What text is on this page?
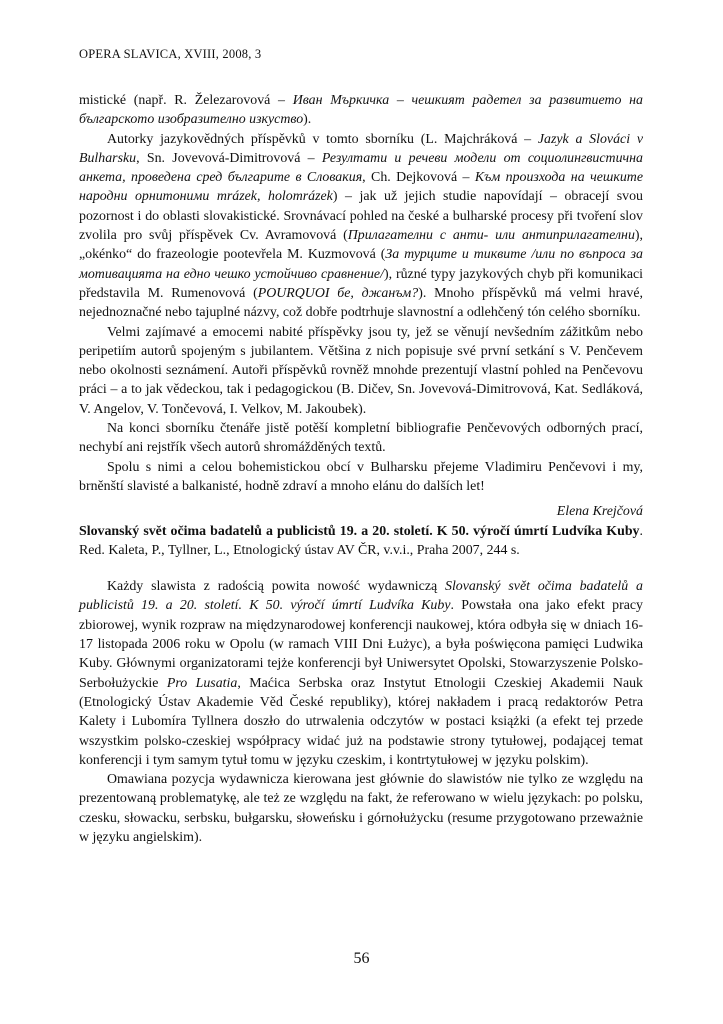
OPERA SLAVICA, XVIII, 2008, 3

mistické (např. R. Železarovová – Иван Мъркичка – чешкият радетел за развитието на българското изобразително изкуство).

Autorky jazykovědných příspěvků v tomto sborníku (L. Majchráková – Jazyk a Slováci v Bulharsku, Sn. Jovevová-Dimitrovová – Резултати и речеви модели от социолингвистична анкета, проведена сред българите в Словакия, Ch. Dejkovová – Към произхода на чешките народни орнитоними mrázek, holomrázek) – jak už jejich studie napovídají – obracejí svou pozornost i do oblasti slovakistické. Srovnávací pohled na české a bulharské procesy při tvoření slov zvolila pro svůj příspěvek Cv. Avramovová (Прилагателни с анти- или антиприлагателни), „okénko“ do frazeologie pootevřela M. Kuzmovová (За турците и тиквите /или по въпроса за мотивацията на едно чешко устойчиво сравнение/), různé typy jazykových chyb při komunikaci představila M. Rumenovová (POURQUOI бе, джанъм?). Mnoho příspěvků má velmi hravé, nejednoznačné nebo tajuplné názvy, což dobře podtrhuje slavnostní a odlehčený tón celého sborníku.

Velmi zajímavé a emocemi nabité příspěvky jsou ty, jež se věnují nevšedním zážitkům nebo peripetiím autorů spojeným s jubilantem. Většina z nich popisuje své první setkání s V. Penčevem nebo okolnosti seznámení. Autoři příspěvků rovněž mnohde prezentují vlastní pohled na Penčevovu práci – a to jak vědeckou, tak i pedagogickou (B. Dičev, Sn. Jovevová-Dimitrovová, Kat. Sedláková, V. Angelov, V. Tončevová, I. Velkov, M. Jakoubek).

Na konci sborníku čtenáře jistě potěší kompletní bibliografie Penčevových odborných prací, nechybí ani rejstřík všech autorů shromážděných textů.

Spolu s nimi a celou bohemistickou obcí v Bulharsku přejeme Vladimiru Penčevovi i my, brněnští slavisté a balkanisté, hodně zdraví a mnoho elánu do dalších let!

Elena Krejčová

Slovanský svět očima badatelů a publicistů 19. a 20. století. K 50. výročí úmrtí Ludvíka Kuby. Red. Kaleta, P., Tyllner, L., Etnologický ústav AV ČR, v.v.i., Praha 2007, 244 s.

Każdy slawista z radością powita nowość wydawniczą Slovanský svět očima badatelů a publicistů 19. a 20. století. K 50. výročí úmrtí Ludvíka Kuby. Powstała ona jako efekt pracy zbiorowej, wynik rozpraw na międzynarodowej konferencji naukowej, która odbyła się w dniach 16-17 listopada 2006 roku w Opolu (w ramach VIII Dni Łużyc), a była poświęcona pamięci Ludwika Kuby. Głównymi organizatorami tejże konferencji był Uniwersytet Opolski, Stowarzyszenie Polsko-Serbołużyckie Pro Lusatia, Maćica Serbska oraz Instytut Etnologii Czeskiej Akademii Nauk (Etnologický Ústav Akademie Věd České republiky), której nakładem i pracą redaktorów Petra Kalety i Lubomíra Tyllnera doszło do utrwalenia odczytów w postaci książki (a efekt tej przede wszystkim polsko-czeskiej współpracy widać już na podstawie strony tytułowej, podającej temat konferencji i tym samym tytuł tomu w języku czeskim, i kontrtytułowej w języku polskim).

Omawiana pozycja wydawnicza kierowana jest głównie do slawistów nie tylko ze względu na prezentowaną problematykę, ale też ze względu na fakt, że referowano w wielu językach: po polsku, czesku, słowacku, serbsku, bułgarsku, słoweńsku i górnołużycku (resume przygotowano przeważnie w języku angielskim).

56
